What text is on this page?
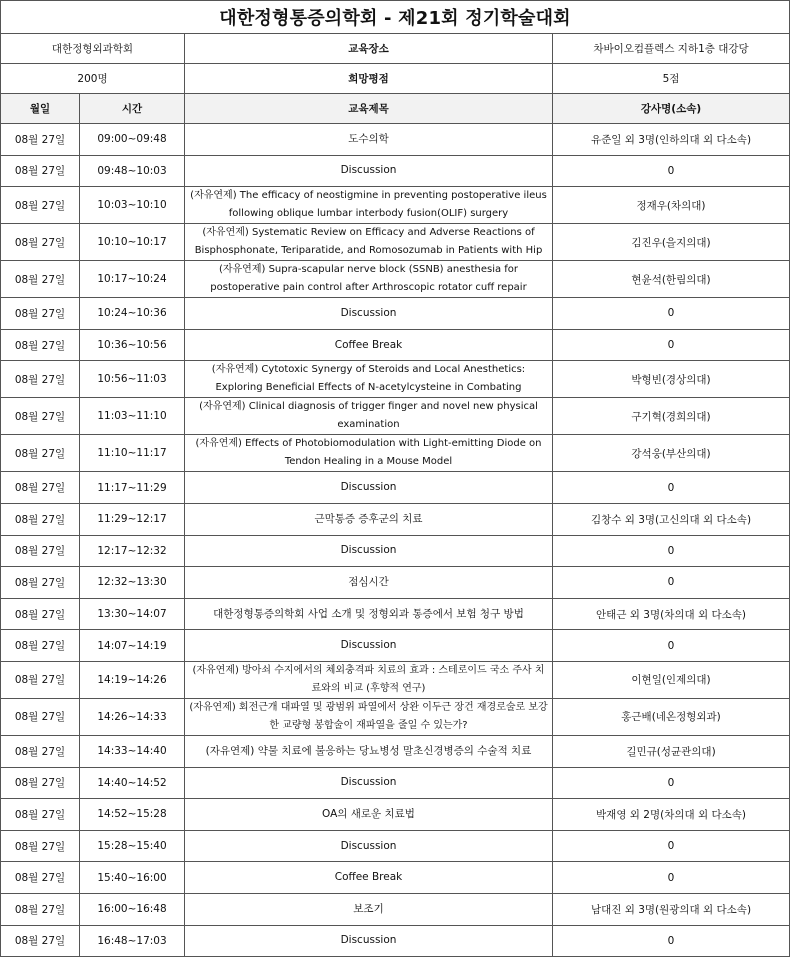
대한정형통증의학회 - 제21회 정기학술대회			
대한정형외과학회		교육장소	차바이오컴플렉스 지하1층 대강당
200명		희망평점	5점
월일	시간	교육제목	강사명(소속)
08월 27일	09:00~09:48	도수의학	유준일 외 3명(인하의대 외 다소속)
08월 27일	09:48~10:03	Discussion	0
08월 27일	10:03~10:10	(자유연제) The efficacy of neostigmine in preventing postoperative ileus following oblique lumbar interbody fusion(OLIF) surgery	정재우(차의대)
08월 27일	10:10~10:17	(자유연제) Systematic Review on Efficacy and Adverse Reactions of Bisphosphonate, Teriparatide, and Romosozumab in Patients with Hip	김진우(을지의대)
08월 27일	10:17~10:24	(자유연제) Supra-scapular nerve block (SSNB) anesthesia for postoperative pain control after Arthroscopic rotator cuff repair	현윤석(한림의대)
08월 27일	10:24~10:36	Discussion	0
08월 27일	10:36~10:56	Coffee Break	0
08월 27일	10:56~11:03	(자유연제) Cytotoxic Synergy of Steroids and Local Anesthetics: Exploring Beneficial Effects of N-acetylcysteine in Combating	박형빈(경상의대)
08월 27일	11:03~11:10	(자유연제) Clinical diagnosis of trigger finger and novel new physical examination	구기혁(경희의대)
08월 27일	11:10~11:17	(자유연제) Effects of Photobiomodulation with Light-emitting Diode on Tendon Healing in a Mouse Model	강석웅(부산의대)
08월 27일	11:17~11:29	Discussion	0
08월 27일	11:29~12:17	근막통증 증후군의 치료	김창수 외 3명(고신의대 외 다소속)
08월 27일	12:17~12:32	Discussion	0
08월 27일	12:32~13:30	점심시간	0
08월 27일	13:30~14:07	대한정형통증의학회 사업 소개 및 정형외과 통증에서 보험 청구 방법	안태근 외 3명(차의대 외 다소속)
08월 27일	14:07~14:19	Discussion	0
08월 27일	14:19~14:26	(자유연제) 방아쇠 수지에서의 체외충격파 치료의 효과 : 스테로이드 국소 주사 치료와의 비교 (후향적 연구)	이현일(인제의대)
08월 27일	14:26~14:33	(자유연제) 회전근개 대파열 및 광범위 파열에서 상완 이두근 장건 재경로술로 보강한 교량형 봉합술이 재파열을 줄일 수 있는가?	홍근배(네온정형외과)
08월 27일	14:33~14:40	(자유연제) 약물 치료에 불응하는 당뇨병성 말초신경병증의 수술적 치료	길민규(성균관의대)
08월 27일	14:40~14:52	Discussion	0
08월 27일	14:52~15:28	OA의 새로운 치료법	박재영 외 2명(차의대 외 다소속)
08월 27일	15:28~15:40	Discussion	0
08월 27일	15:40~16:00	Coffee Break	0
08월 27일	16:00~16:48	보조기	남대진 외 3명(원광의대 외 다소속)
08월 27일	16:48~17:03	Discussion	0
